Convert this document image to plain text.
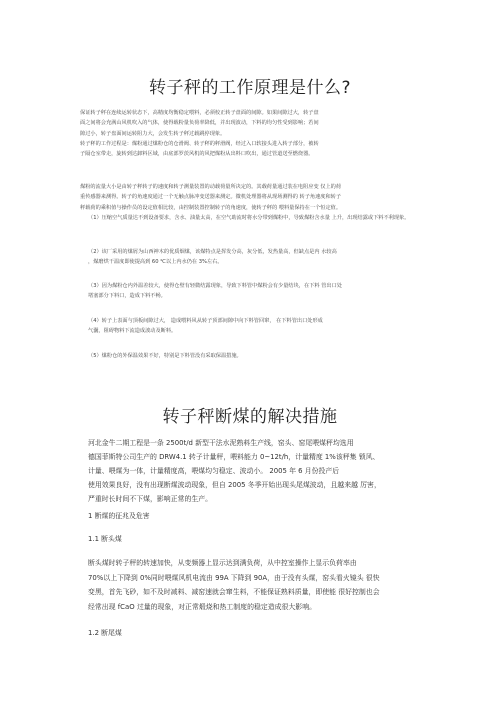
转子秤的工作原理是什么?

保证转子秤在连续运转状态下，高精度均衡稳定喂料，必须校正转子盘面的间隙。如果间隙过大，转子盘

面之间将会充满山风机吹入的气体，使得载粉量负荷率降低，并出现波动，下料的均匀性受到影响；若间

隙过小，转子盘面间运转阻力大，会发生转子秤过载跳停现象。

转子秤的工作过程是：煤粉通过煤粉仓的仓滑阀、转子秤的秤滑阀，经过入口软接头进入转子部分，被转

子隔仓室带走，旋转到达卸料区域，由底部罗茨风机的风把煤粉从出料口吹出，通过管道送至燃烧器。

煤粉的流量大小是由转子秤转子的速度和转子测量装置的动载荷量所决定的。其载荷量通过装在电阻应变 仅上的荷

重传感器来测得。转子的角速度通过一个无触点脉冲变送器来测定。微机处理器将从现场测得的 转子角速度和转子

秤载荷的乘积值与操作员的设定值相比较，由控制装置控制转子的角速度，使转子秤的 喂料量保持在一个恒定值。

（1）压缩空气质量达不到设备要求，含水、油量太高，在空气助流时将水分带到煤粉中，导致煤粉含水量 上升，出现结露或下料不利现象。

（2）该厂采用的煤屑为山西神木的优质烟煤，该煤特点是挥发分高，灰分低，发热量高，但缺点是内 水较高

，煤磨烘干温度即使提高到 60 ℃以上内水仍在 3%左右。

（3）因为煤粉仓内外温差较大，使得仓壁有轻微结露现象，导致下料管中煤粉会有少量结块，在下料 管出口处

堵塞部分下料口，造成下料不畅。

（4）转子上表面与顶板间隙过大， 造成喂料风从转子顶部间隙中向下料管回窜， 在下料管出口处形成

气囊，阻碍物料下流造成波动及断料。

（5）煤粉仓的外保温效果不好，特别是下料管没有采取保温措施。

转子秤断煤的解决措施

河北金牛二期工程是一条 2500t/d 新型干法水泥熟料生产线，窑头、窑尾喂煤秤均选用

德国菲斯特公司生产的 DRW4.1 转子计量秤，喂料能力 0~12t/h，计量精度 1%该秤集 锁风、

计量、喂煤为一体，计量精度高，喂煤均匀稳定、波动小。 2005 年 6 月份投产后

使用效果良好，没有出现断煤波动现象，但自 2005 冬季开始出现头尾煤波动，且越来越 厉害，

严重时长时间不下煤，影响正常的生产。

1 断煤的征兆及危害

1.1 断头煤

断头煤时转子秤的转速加快，从变频器上显示达到满负荷，从中控室操作上显示负荷率由

70%以上下降到 0%同时喂煤风机电流由 99A 下降到 90A，由于没有头煤，窑头看火镜头 很快

变黑，首先飞砂，如不及时减料、减窑速就会窜生料，不能保证熟料质量，即使能 很好控制也会

经常出现 fCaO 过量的现象，对正常煅烧和热工制度的稳定造成很大影响。

1.2 断尾煤
